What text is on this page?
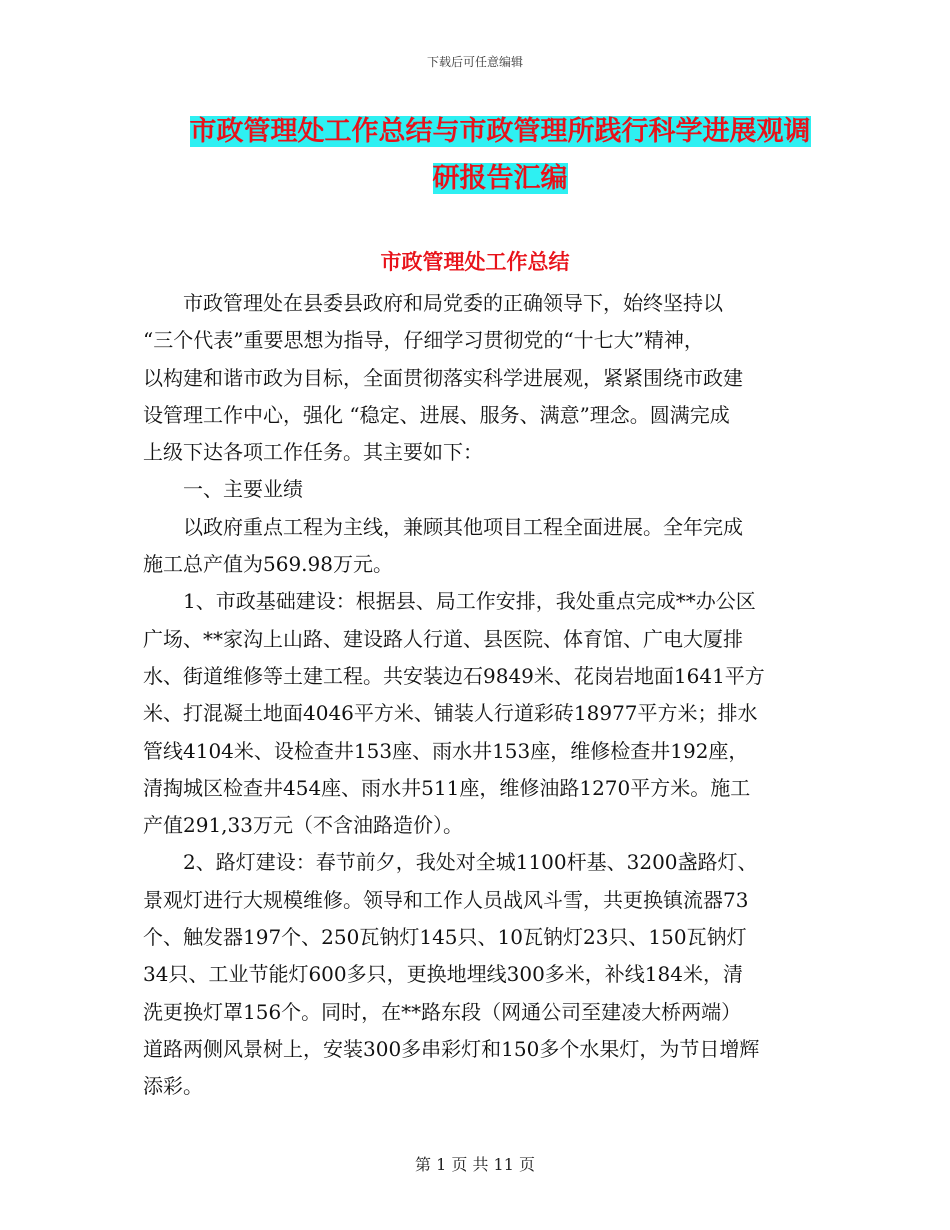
下载后可任意编辑
市政管理处工作总结与市政管理所践行科学进展观调
研报告汇编
市政管理处工作总结

　　市政管理处在县委县政府和局党委的正确领导下，始终坚持以
“三个代表”重要思想为指导，仔细学习贯彻党的“十七大”精神，
以构建和谐市政为目标，全面贯彻落实科学进展观，紧紧围绕市政建
设管理工作中心，强化 “稳定、进展、服务、满意”理念。圆满完成
上级下达各项工作任务。其主要如下：

　　一、主要业绩

　　以政府重点工程为主线，兼顾其他项目工程全面进展。全年完成
施工总产值为569.98万元。

　　1、市政基础建设：根据县、局工作安排，我处重点完成**办公区
广场、**家沟上山路、建设路人行道、县医院、体育馆、广电大厦排
水、街道维修等土建工程。共安装边石9849米、花岗岩地面1641平方
米、打混凝土地面4046平方米、铺装人行道彩砖18977平方米；排水
管线4104米、设检查井153座、雨水井153座，维修检查井192座，
清掏城区检查井454座、雨水井511座，维修油路1270平方米。施工
产值291,33万元（不含油路造价）。

　　2、路灯建设：春节前夕，我处对全城1100杆基、3200盏路灯、
景观灯进行大规模维修。领导和工作人员战风斗雪，共更换镇流器73
个、触发器197个、250瓦钠灯145只、10瓦钠灯23只、150瓦钠灯
34只、工业节能灯600多只，更换地埋线300多米，补线184米，清
洗更换灯罩156个。同时，在**路东段（网通公司至建凌大桥两端）
道路两侧风景树上，安装300多串彩灯和150多个水果灯，为节日增辉
添彩。

第 1 页 共 11 页
